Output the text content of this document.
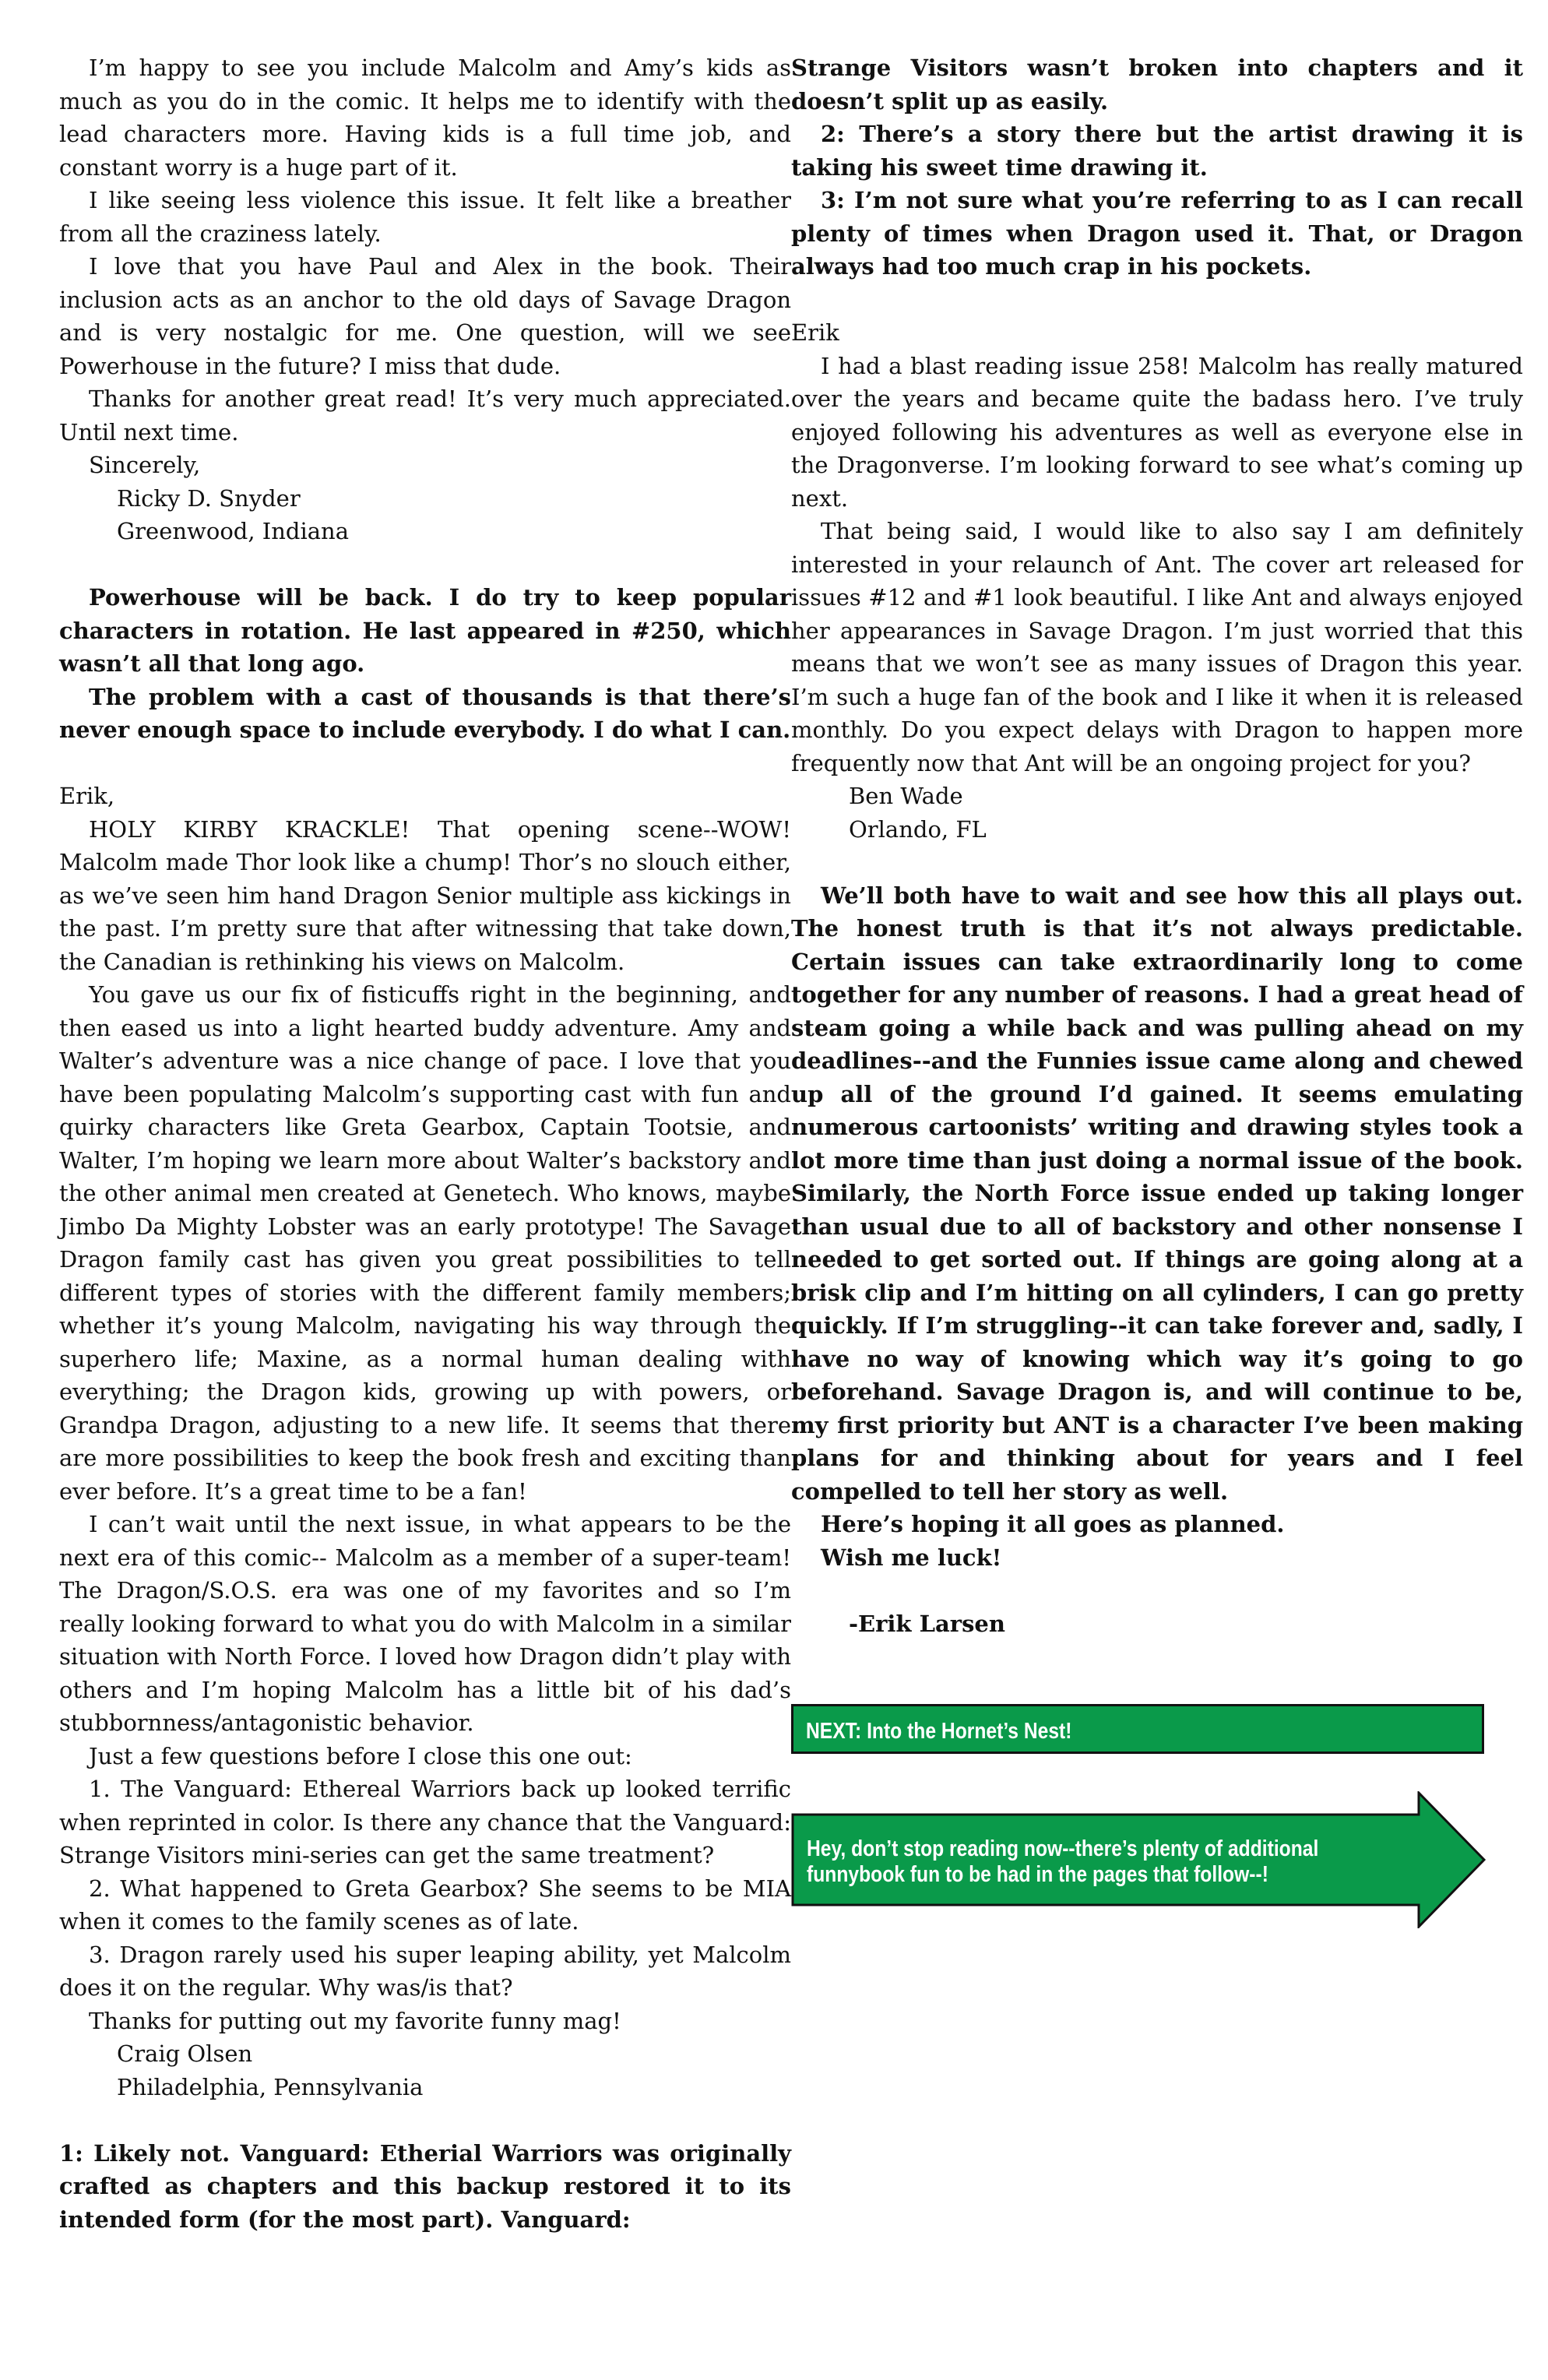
I’m happy to see you include Malcolm and Amy’s kids as much as you do in the comic. It helps me to identify with the lead characters more. Having kids is a full time job, and constant worry is a huge part of it.

I like seeing less violence this issue. It felt like a breather from all the craziness lately.

I love that you have Paul and Alex in the book. Their inclusion acts as an anchor to the old days of Savage Dragon and is very nostalgic for me. One question, will we see Powerhouse in the future? I miss that dude.

Thanks for another great read! It’s very much appreciated. Until next time.

Sincerely,

Ricky D. Snyder

Greenwood, Indiana

Powerhouse will be back. I do try to keep popular characters in rotation. He last appeared in #250, which wasn’t all that long ago.

The problem with a cast of thousands is that there’s never enough space to include everybody. I do what I can.

Erik,

HOLY KIRBY KRACKLE! That opening scene--WOW! Malcolm made Thor look like a chump! Thor’s no slouch either, as we’ve seen him hand Dragon Senior multiple ass kickings in the past. I’m pretty sure that after witnessing that take down, the Canadian is rethinking his views on Malcolm.

You gave us our fix of fisticuffs right in the beginning, and then eased us into a light hearted buddy adventure. Amy and Walter’s adventure was a nice change of pace. I love that you have been populating Malcolm’s supporting cast with fun and quirky characters like Greta Gearbox, Captain Tootsie, and Walter, I’m hoping we learn more about Walter’s backstory and the other animal men created at Genetech. Who knows, maybe Jimbo Da Mighty Lobster was an early prototype! The Savage Dragon family cast has given you great possibilities to tell different types of stories with the different family members; whether it’s young Malcolm, navigating his way through the superhero life; Maxine, as a normal human dealing with everything; the Dragon kids, growing up with powers, or Grandpa Dragon, adjusting to a new life. It seems that there are more possibilities to keep the book fresh and exciting than ever before. It’s a great time to be a fan!

I can’t wait until the next issue, in what appears to be the next era of this comic-- Malcolm as a member of a super-team! The Dragon/S.O.S. era was one of my favorites and so I’m really looking forward to what you do with Malcolm in a similar situation with North Force. I loved how Dragon didn’t play with others and I’m hoping Malcolm has a little bit of his dad’s stubbornness/antagonistic behavior.

Just a few questions before I close this one out:

1. The Vanguard: Ethereal Warriors back up looked terrific when reprinted in color. Is there any chance that the Vanguard: Strange Visitors mini-series can get the same treatment?

2. What happened to Greta Gearbox? She seems to be MIA when it comes to the family scenes as of late.

3. Dragon rarely used his super leaping ability, yet Malcolm does it on the regular. Why was/is that?

Thanks for putting out my favorite funny mag!

Craig Olsen

Philadelphia, Pennsylvania

1: Likely not. Vanguard: Etherial Warriors was originally crafted as chapters and this backup restored it to its intended form (for the most part). Vanguard:

Strange Visitors wasn’t broken into chapters and it doesn’t split up as easily.

2: There’s a story there but the artist drawing it is taking his sweet time drawing it.

3: I’m not sure what you’re referring to as I can recall plenty of times when Dragon used it. That, or Dragon always had too much crap in his pockets.

Erik

I had a blast reading issue 258! Malcolm has really matured over the years and became quite the badass hero. I’ve truly enjoyed following his adventures as well as everyone else in the Dragonverse. I’m looking forward to see what’s coming up next.

That being said, I would like to also say I am definitely interested in your relaunch of Ant. The cover art released for issues #12 and #1 look beautiful. I like Ant and always enjoyed her appearances in Savage Dragon. I’m just worried that this means that we won’t see as many issues of Dragon this year. I’m such a huge fan of the book and I like it when it is released monthly. Do you expect delays with Dragon to happen more frequently now that Ant will be an ongoing project for you?

Ben Wade

Orlando, FL

We’ll both have to wait and see how this all plays out. The honest truth is that it’s not always predictable. Certain issues can take extraordinarily long to come together for any number of reasons. I had a great head of steam going a while back and was pulling ahead on my deadlines--and the Funnies issue came along and chewed up all of the ground I’d gained. It seems emulating numerous cartoonists’ writing and drawing styles took a lot more time than just doing a normal issue of the book. Similarly, the North Force issue ended up taking longer than usual due to all of backstory and other nonsense I needed to get sorted out. If things are going along at a brisk clip and I’m hitting on all cylinders, I can go pretty quickly. If I’m struggling--it can take forever and, sadly, I have no way of knowing which way it’s going to go beforehand. Savage Dragon is, and will continue to be, my first priority but ANT is a character I’ve been making plans for and thinking about for years and I feel compelled to tell her story as well.

Here’s hoping it all goes as planned.

Wish me luck!

-Erik Larsen

NEXT: Into the Hornet’s Nest!
Hey, don’t stop reading now--there’s plenty of additional funnybook fun to be had in the pages that follow--!
